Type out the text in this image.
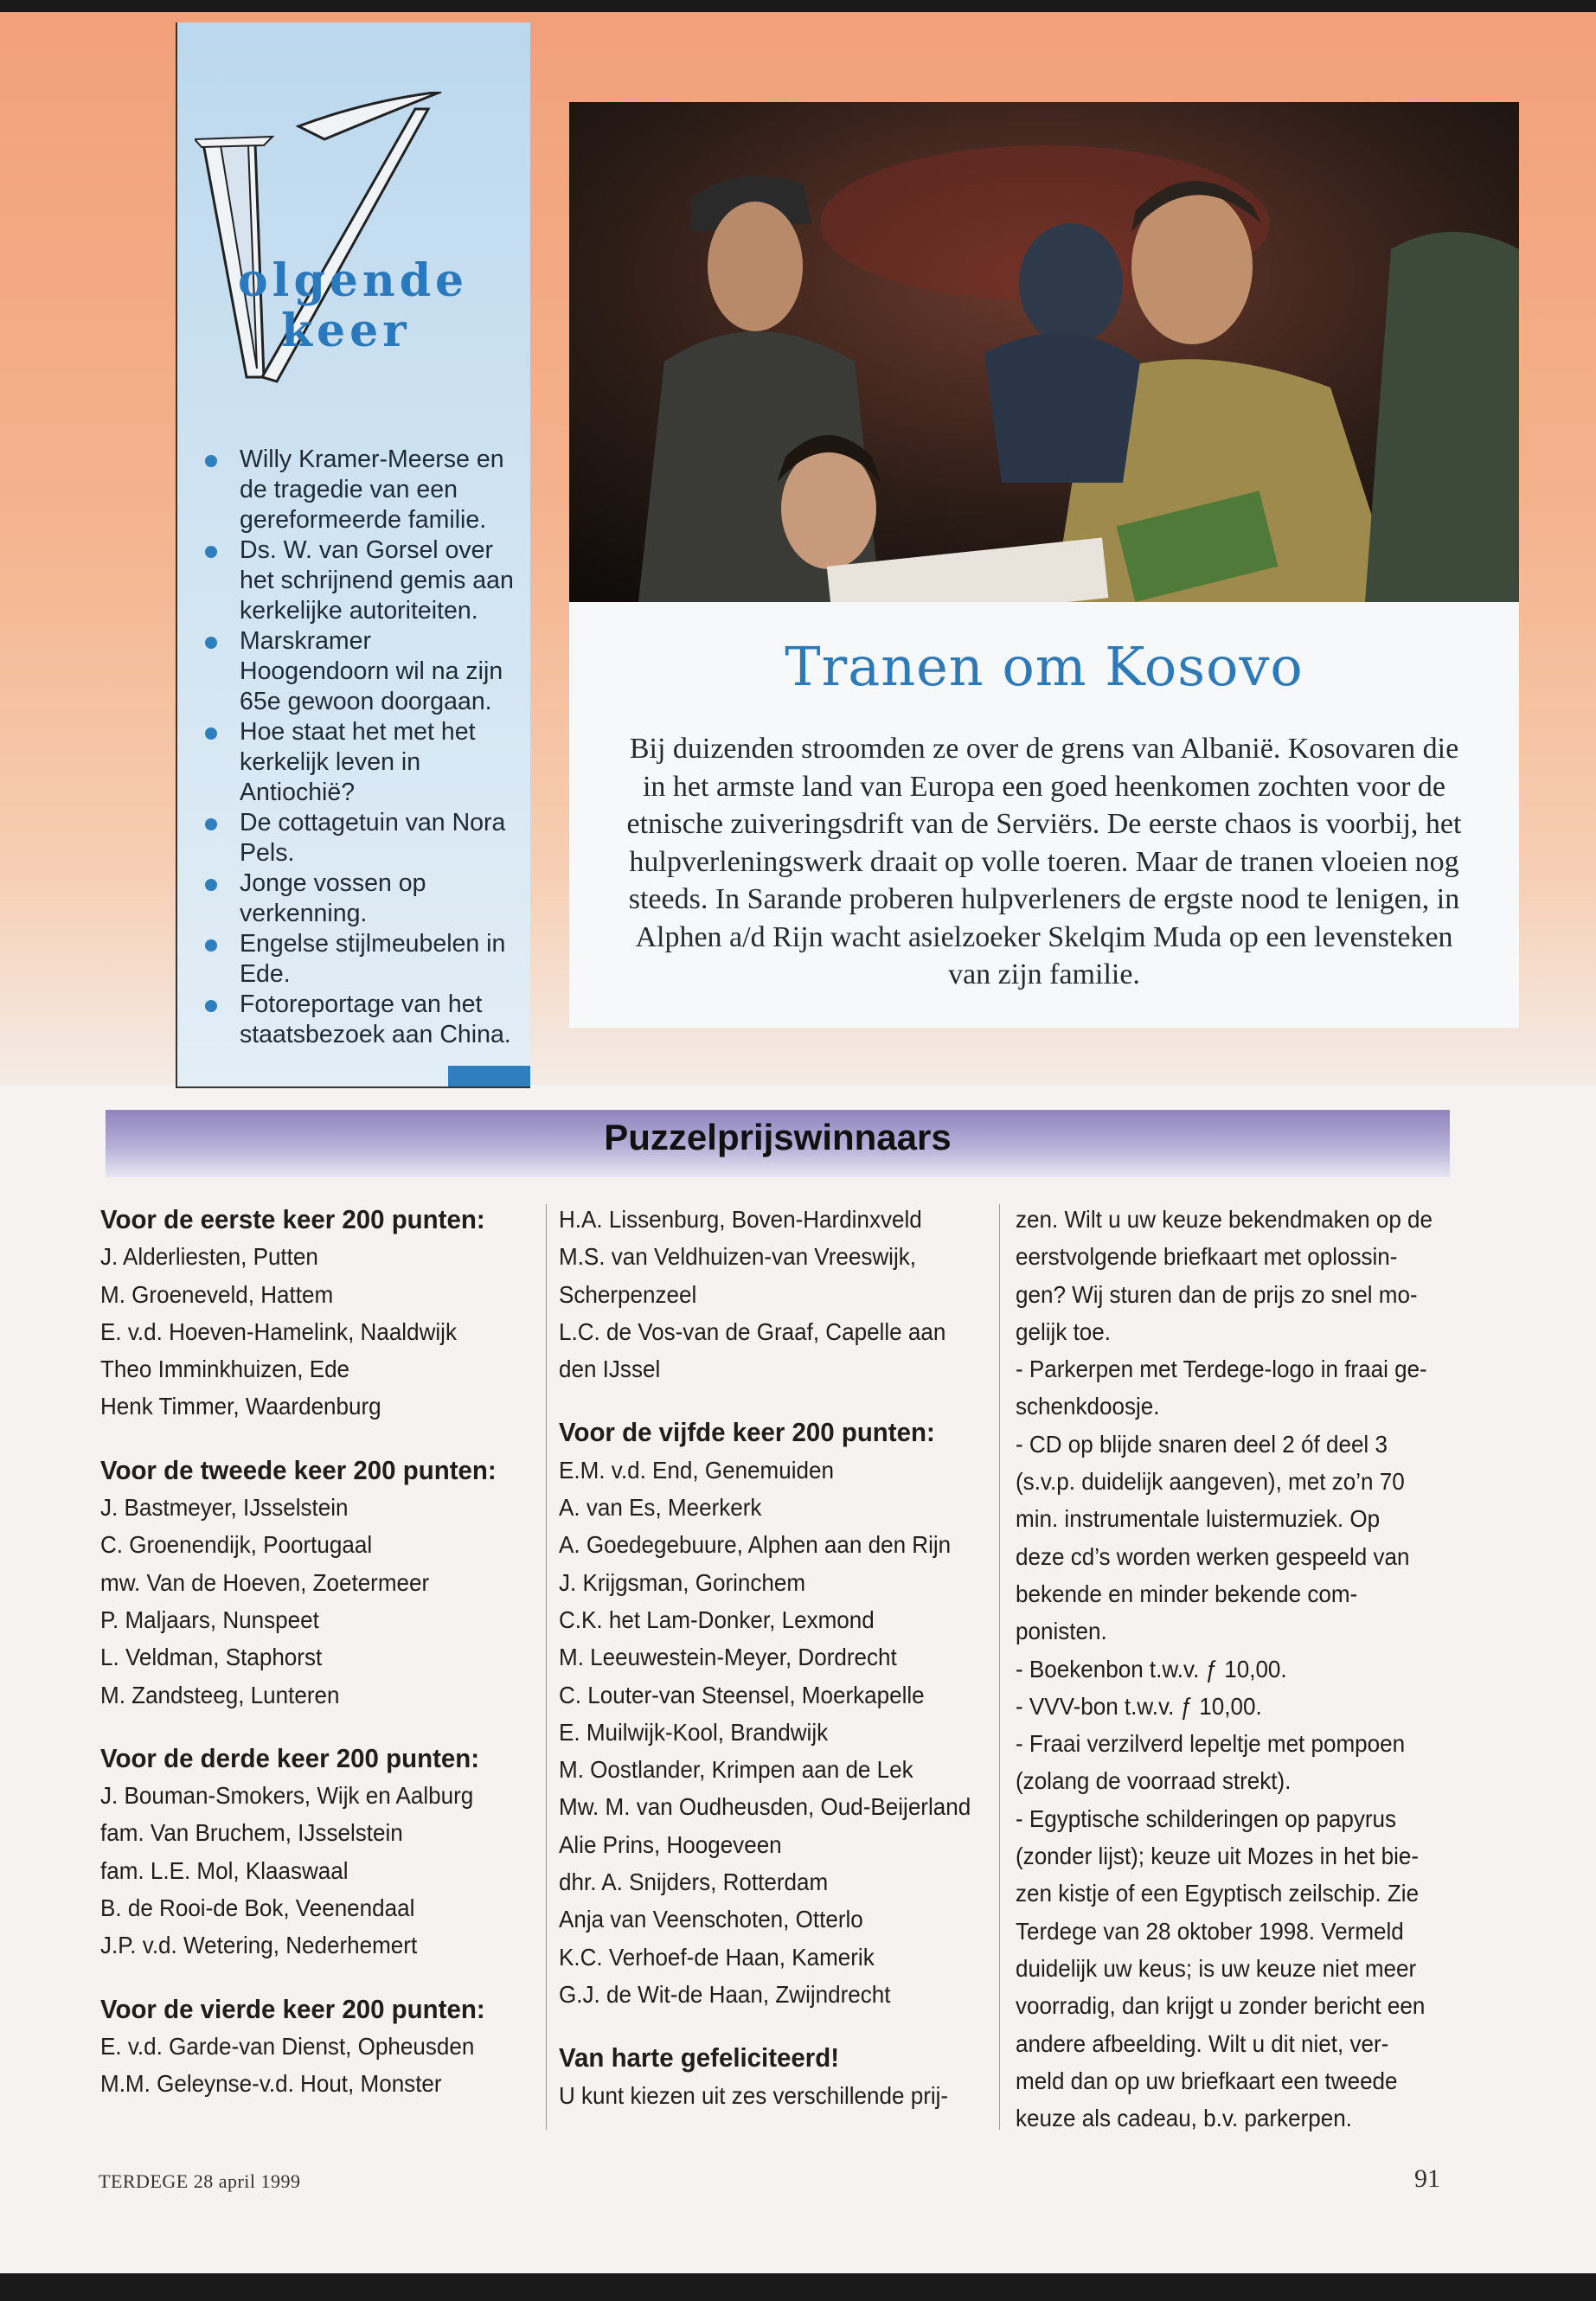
olgende
keer
Willy Kramer-Meerse en de tragedie van een gereformeerde familie.
Ds. W. van Gorsel over het schrijnend gemis aan kerkelijke autoriteiten.
Marskramer Hoogendoorn wil na zijn 65e gewoon doorgaan.
Hoe staat het met het kerkelijk leven in Antiochië?
De cottagetuin van Nora Pels.
Jonge vossen op verkenning.
Engelse stijlmeubelen in Ede.
Fotoreportage van het staatsbezoek aan China.
Tranen om Kosovo
Bij duizenden stroomden ze over de grens van Albanië. Kosovaren die in het armste land van Europa een goed heenkomen zochten voor de etnische zuiveringsdrift van de Serviërs. De eerste chaos is voorbij, het hulpverleningswerk draait op volle toeren. Maar de tranen vloeien nog steeds. In Sarande proberen hulpverleners de ergste nood te lenigen, in Alphen a/d Rijn wacht asielzoeker Skelqim Muda op een levensteken van zijn familie.
Puzzelprijswinnaars
Voor de eerste keer 200 punten:
J. Alderliesten, Putten
M. Groeneveld, Hattem
E. v.d. Hoeven-Hamelink, Naaldwijk
Theo Imminkhuizen, Ede
Henk Timmer, Waardenburg
Voor de tweede keer 200 punten:
J. Bastmeyer, IJsselstein
C. Groenendijk, Poortugaal
mw. Van de Hoeven, Zoetermeer
P. Maljaars, Nunspeet
L. Veldman, Staphorst
M. Zandsteeg, Lunteren
Voor de derde keer 200 punten:
J. Bouman-Smokers, Wijk en Aalburg
fam. Van Bruchem, IJsselstein
fam. L.E. Mol, Klaaswaal
B. de Rooi-de Bok, Veenendaal
J.P. v.d. Wetering, Nederhemert
Voor de vierde keer 200 punten:
E. v.d. Garde-van Dienst, Opheusden
M.M. Geleynse-v.d. Hout, Monster
H.A. Lissenburg, Boven-Hardinxveld
M.S. van Veldhuizen-van Vreeswijk,
Scherpenzeel
L.C. de Vos-van de Graaf, Capelle aan
den IJssel
Voor de vijfde keer 200 punten:
E.M. v.d. End, Genemuiden
A. van Es, Meerkerk
A. Goedegebuure, Alphen aan den Rijn
J. Krijgsman, Gorinchem
C.K. het Lam-Donker, Lexmond
M. Leeuwestein-Meyer, Dordrecht
C. Louter-van Steensel, Moerkapelle
E. Muilwijk-Kool, Brandwijk
M. Oostlander, Krimpen aan de Lek
Mw. M. van Oudheusden, Oud-Beijerland
Alie Prins, Hoogeveen
dhr. A. Snijders, Rotterdam
Anja van Veenschoten, Otterlo
K.C. Verhoef-de Haan, Kamerik
G.J. de Wit-de Haan, Zwijndrecht
Van harte gefeliciteerd!
U kunt kiezen uit zes verschillende prij-
zen. Wilt u uw keuze bekendmaken op de
eerstvolgende briefkaart met oplossin-
gen? Wij sturen dan de prijs zo snel mo-
gelijk toe.
- Parkerpen met Terdege-logo in fraai ge-
schenkdoosje.
- CD op blijde snaren deel 2 óf deel 3
(s.v.p. duidelijk aangeven), met zo’n 70
min. instrumentale luistermuziek. Op
deze cd’s worden werken gespeeld van
bekende en minder bekende com-
ponisten.
- Boekenbon t.w.v. ƒ 10,00.
- VVV-bon t.w.v. ƒ 10,00.
- Fraai verzilverd lepeltje met pompoen
(zolang de voorraad strekt).
- Egyptische schilderingen op papyrus
(zonder lijst); keuze uit Mozes in het bie-
zen kistje of een Egyptisch zeilschip. Zie
Terdege van 28 oktober 1998. Vermeld
duidelijk uw keus; is uw keuze niet meer
voorradig, dan krijgt u zonder bericht een
andere afbeelding. Wilt u dit niet, ver-
meld dan op uw briefkaart een tweede
keuze als cadeau, b.v. parkerpen.
TERDEGE 28 april 1999	91
